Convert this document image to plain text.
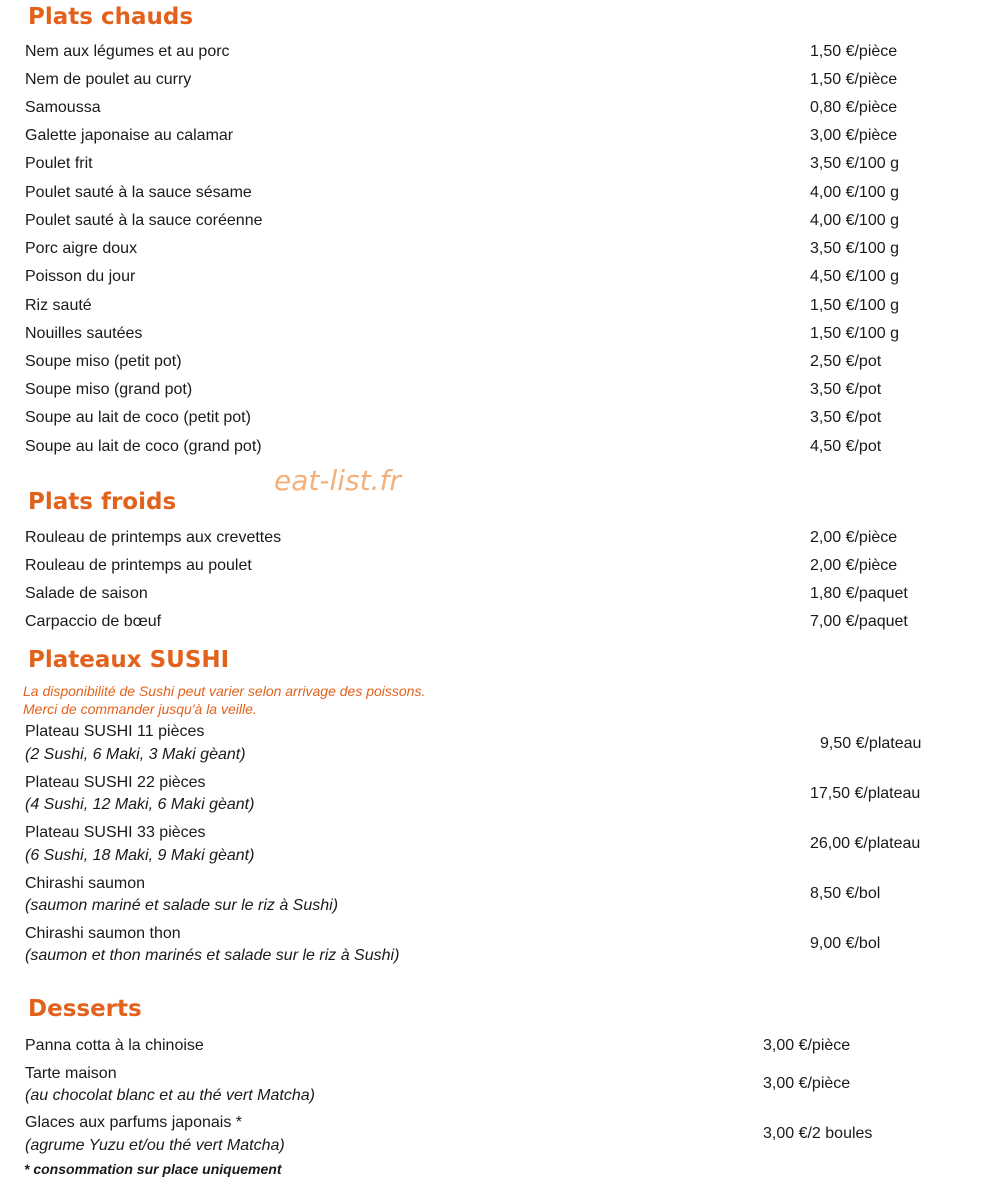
Plats chauds
Nem aux légumes et au porc	1,50 €/pièce
Nem de poulet au curry	1,50 €/pièce
Samoussa	0,80 €/pièce
Galette japonaise au calamar	3,00 €/pièce
Poulet frit	3,50 €/100 g
Poulet sauté à la sauce sésame	4,00 €/100 g
Poulet sauté à la sauce coréenne	4,00 €/100 g
Porc aigre doux	3,50 €/100 g
Poisson du jour	4,50 €/100 g
Riz sauté	1,50 €/100 g
Nouilles sautées	1,50 €/100 g
Soupe miso (petit pot)	2,50 €/pot
Soupe miso (grand pot)	3,50 €/pot
Soupe au lait de coco (petit pot)	3,50 €/pot
Soupe au lait de coco (grand pot)	4,50 €/pot
Plats froids
eat-list.fr
Rouleau de printemps aux crevettes	2,00 €/pièce
Rouleau de printemps au poulet	2,00 €/pièce
Salade de saison	1,80 €/paquet
Carpaccio de bœuf	7,00 €/paquet
Plateaux SUSHI
La disponibilité de Sushi peut varier selon arrivage des poissons.
Merci de commander jusqu'à la veille.
Plateau SUSHI 11 pièces
(2 Sushi, 6 Maki, 3 Maki gèant)
9,50 €/plateau
Plateau SUSHI 22 pièces
(4 Sushi, 12 Maki, 6 Maki gèant)
17,50 €/plateau
Plateau SUSHI 33 pièces
(6 Sushi, 18 Maki, 9 Maki gèant)
26,00 €/plateau
Chirashi saumon
(saumon mariné et salade sur le riz à Sushi)
8,50 €/bol
Chirashi saumon thon
(saumon et thon marinés et salade sur le riz à Sushi)
9,00 €/bol
Desserts
Panna cotta à la chinoise	3,00 €/pièce
Tarte maison
(au chocolat blanc et au thé vert Matcha)
3,00 €/pièce
Glaces aux parfums japonais *
(agrume Yuzu et/ou thé vert Matcha)
3,00 €/2 boules
* consommation sur place uniquement
